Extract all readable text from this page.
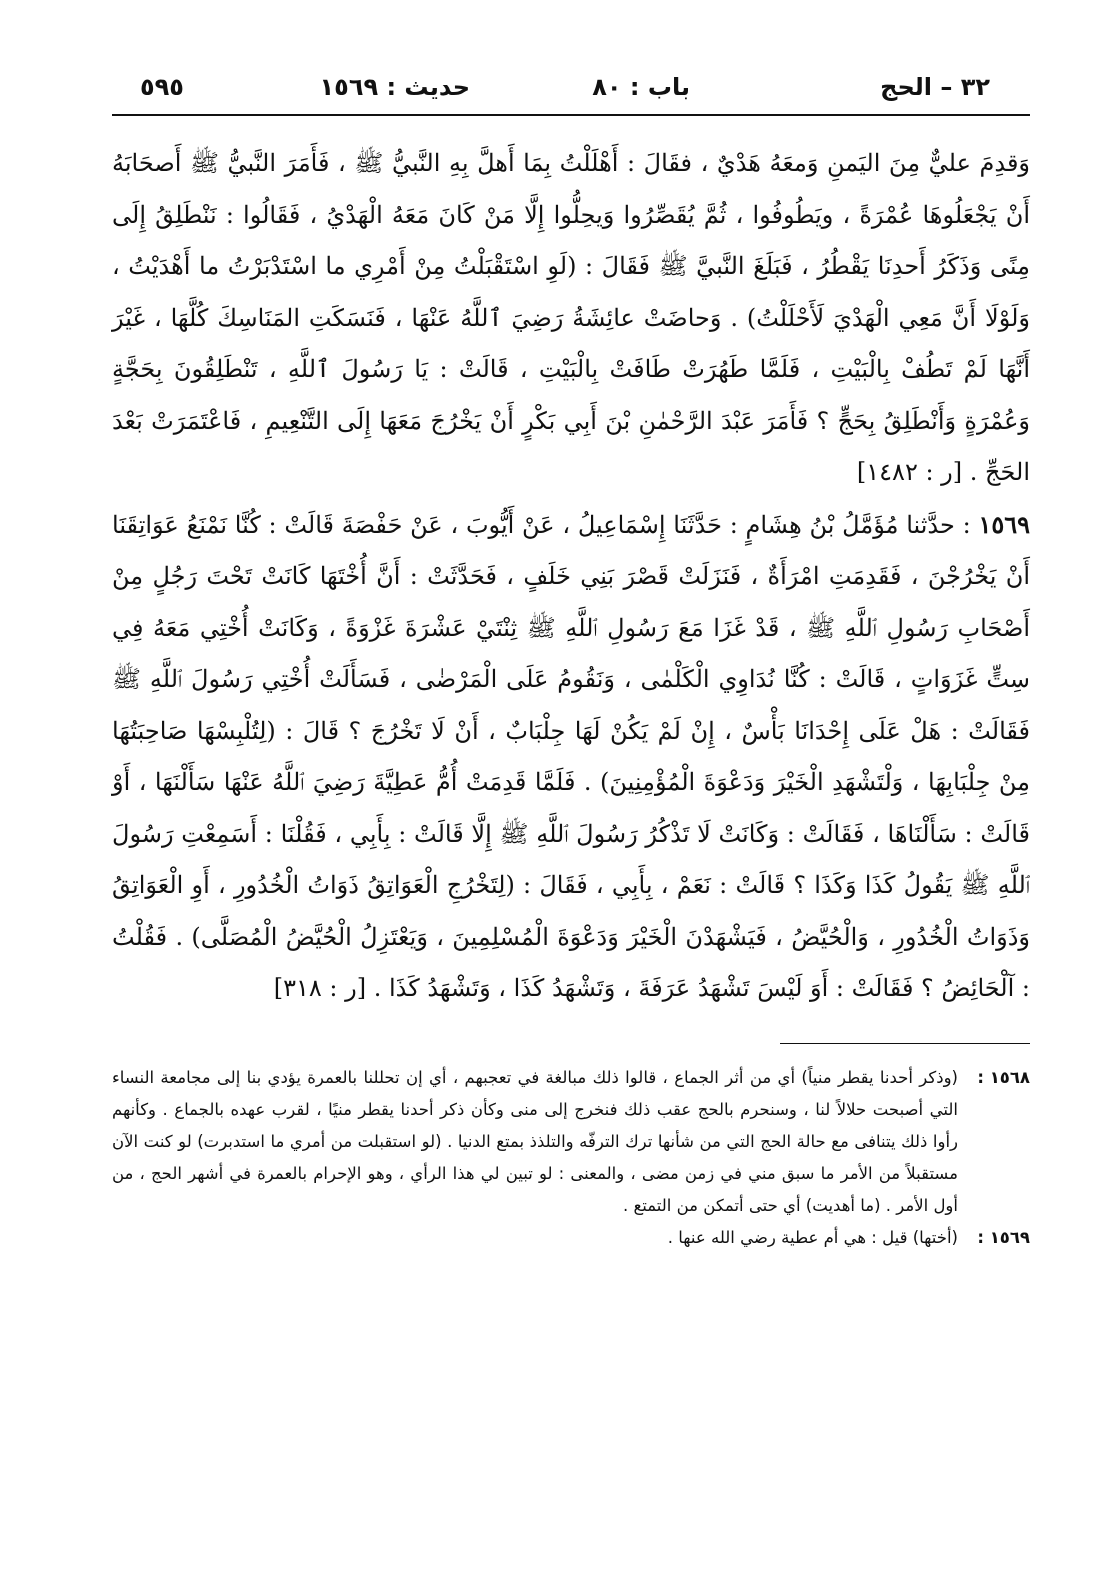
٣٢ – الحج
باب : ٨٠
حديث : ١٥٦٩
٥٩٥

وَقدِمَ عليٌّ مِنَ اليَمنِ وَمعَهُ هَدْيٌ ، فقَالَ : أَهْلَلْتُ بِمَا أَهلَّ بِهِ النَّبيُّ ﷺ ، فَأَمَرَ النَّبيُّ ﷺ أَصحَابَهُ أَنْ يَجْعَلُوهَا عُمْرَةً ، ويَطُوفُوا ، ثُمَّ يُقَصِّرُوا وَيحِلُّوا إِلَّا مَنْ كَانَ مَعَهُ الْهَدْيُ ، فَقَالُوا : نَنْطَلِقُ إِلَى مِنًى وَذَكَرُ أَحدِنَا يَقْطُرُ ، فَبَلَغَ النَّبيَّ ﷺ فَقَالَ : (لَوِ اسْتَقْبَلْتُ مِنْ أَمْرِي ما اسْتَدْبَرْتُ ما أَهْدَيْتُ ، وَلَوْلَا أَنَّ مَعِي الْهَدْيَ لَأَحْلَلْتُ) . وَحاضَتْ عائِشَةُ رَضِيَ ٱللَّهُ عَنْهَا ، فَنَسَكَتِ المَنَاسِكَ كُلَّهَا ، غَيْرَ أَنَّهَا لَمْ تَطُفْ بِالْبَيْتِ ، فَلَمَّا طَهُرَتْ طَافَتْ بِالْبَيْتِ ، قَالَتْ : يَا رَسُولَ ٱللَّهِ ، تَنْطَلِقُونَ بِحَجَّةٍ وَعُمْرَةٍ وَأَنْطَلِقُ بِحَجٍّ ؟ فَأَمَرَ عَبْدَ الرَّحْمٰنِ بْنَ أَبِي بَكْرٍ أَنْ يَخْرُجَ مَعَهَا إِلَى التَّنْعِيمِ ، فَاعْتَمَرَتْ بَعْدَ الحَجِّ . [ر : ١٤٨٢]

١٥٦٩ : حدَّثنا مُؤَمَّلُ بْنُ هِشَامٍ : حَدَّثَنَا إِسْمَاعِيلُ ، عَنْ أَيُّوبَ ، عَنْ حَفْصَةَ قَالَتْ : كُنَّا نَمْنَعُ عَوَاتِقَنَا أَنْ يَخْرُجْنَ ، فَقَدِمَتِ امْرَأَةٌ ، فَنَزَلَتْ قَصْرَ بَنِي خَلَفٍ ، فَحَدَّثَتْ : أَنَّ أُخْتَهَا كَانَتْ تَحْتَ رَجُلٍ مِنْ أَصْحَابِ رَسُولِ ٱللَّهِ ﷺ ، قَدْ غَزَا مَعَ رَسُولِ ٱللَّهِ ﷺ ثِنْتَيْ عَشْرَةَ غَزْوَةً ، وَكَانَتْ أُخْتِي مَعَهُ فِي سِتٍّ غَزَوَاتٍ ، قَالَتْ : كُنَّا نُدَاوِي الْكَلْمٰى ، وَنَقُومُ عَلَى الْمَرْضٰى ، فَسَأَلَتْ أُخْتِي رَسُولَ ٱللَّهِ ﷺ فَقَالَتْ : هَلْ عَلَى إِحْدَانَا بَأْسٌ ، إِنْ لَمْ يَكُنْ لَهَا جِلْبَابٌ ، أَنْ لَا تَخْرُجَ ؟ قَالَ : (لِتُلْبِسْهَا صَاحِبَتُهَا مِنْ جِلْبَابِهَا ، وَلْتَشْهَدِ الْخَيْرَ وَدَعْوَةَ الْمُؤْمِنِينَ) . فَلَمَّا قَدِمَتْ أُمُّ عَطِيَّةَ رَضِيَ ٱللَّهُ عَنْهَا سَأَلْنَهَا ، أَوْ قَالَتْ : سَأَلْنَاهَا ، فَقَالَتْ : وَكَانَتْ لَا تَذْكُرُ رَسُولَ ٱللَّهِ ﷺ إِلَّا قَالَتْ : بِأَبِي ، فَقُلْنَا : أَسَمِعْتِ رَسُولَ ٱللَّهِ ﷺ يَقُولُ كَذَا وَكَذَا ؟ قَالَتْ : نَعَمْ ، بِأَبِي ، فَقَالَ : (لِتَخْرُجِ الْعَوَاتِقُ ذَوَاتُ الْخُدُورِ ، أَوِ الْعَوَاتِقُ وَذَوَاتُ الْخُدُورِ ، وَالْحُيَّضُ ، فَيَشْهَدْنَ الْخَيْرَ وَدَعْوَةَ الْمُسْلِمِينَ ، وَيَعْتَزِلُ الْحُيَّضُ الْمُصَلَّى) . فَقُلْتُ : آلْحَائِضُ ؟ فَقَالَتْ : أَوَ لَيْسَ تَشْهَدُ عَرَفَةَ ، وَتَشْهَدُ كَذَا ، وَتَشْهَدُ كَذَا . [ر : ٣١٨]

١٥٦٨ :

(وذكر أحدنا يقطر منياً) أي من أثر الجماع ، قالوا ذلك مبالغة في تعجبهم ، أي إن تحللنا بالعمرة يؤدي بنا إلى مجامعة النساء التي أصبحت حلالاً لنا ، وسنحرم بالحج عقب ذلك فنخرج إلى منى وكأن ذكر أحدنا يقطر منيًا ، لقرب عهده بالجماع . وكأنهم رأوا ذلك يتنافى مع حالة الحج التي من شأنها ترك الترفّه والتلذذ بمتع الدنيا . (لو استقبلت من أمري ما استدبرت) لو كنت الآن مستقبلاً من الأمر ما سبق مني في زمن مضى ، والمعنى : لو تبين لي هذا الرأي ، وهو الإحرام بالعمرة في أشهر الحج ، من أول الأمر . (ما أهديت) أي حتى أتمكن من التمتع .

١٥٦٩ :

(أختها) قيل : هي أم عطية رضي الله عنها .
